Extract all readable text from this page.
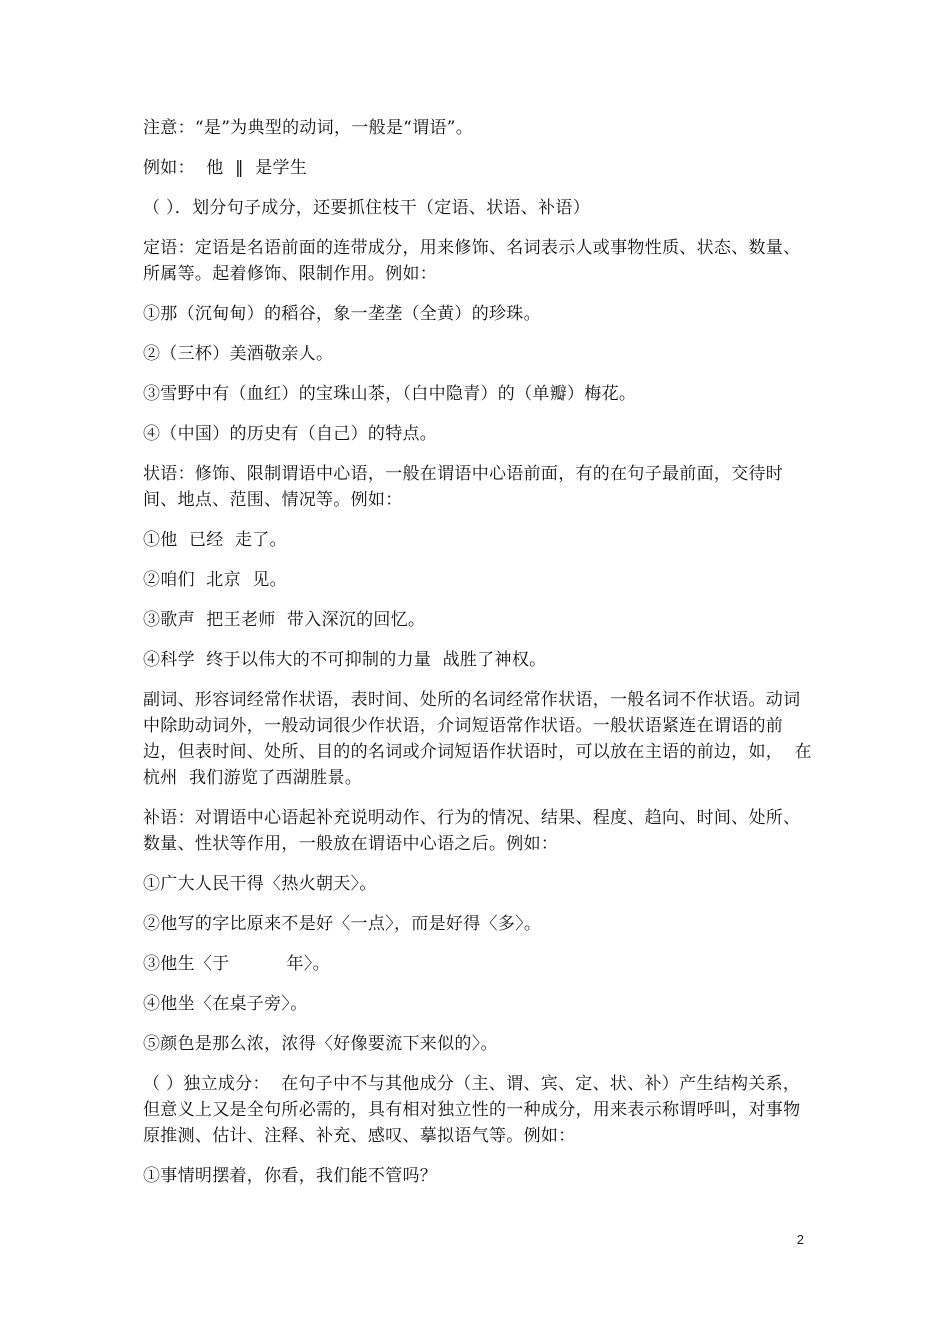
注意：“是”为典型的动词，一般是“谓语”。

例如：  他  ‖  是学生

（ ）．划分句子成分，还要抓住枝干（定语、状语、补语）

定语：定语是名语前面的连带成分，用来修饰、名词表示人或事物性质、状态、数量、所属等。起着修饰、限制作用。例如：

①那（沉甸甸）的稻谷，象一垄垄（全黄）的珍珠。

②（三杯）美酒敬亲人。

③雪野中有（血红）的宝珠山茶，（白中隐青）的（单瓣）梅花。

④（中国）的历史有（自己）的特点。

状语：修饰、限制谓语中心语，一般在谓语中心语前面，有的在句子最前面，交待时间、地点、范围、情况等。例如：

①他  已经  走了。

②咱们  北京  见。

③歌声  把王老师  带入深沉的回忆。

④科学  终于以伟大的不可抑制的力量  战胜了神权。

副词、形容词经常作状语，表时间、处所的名词经常作状语，一般名词不作状语。动词中除助动词外，一般动词很少作状语，介词短语常作状语。一般状语紧连在谓语的前边，但表时间、处所、目的的名词或介词短语作状语时，可以放在主语的前边，如，  在杭州  我们游览了西湖胜景。

补语：对谓语中心语起补充说明动作、行为的情况、结果、程度、趋向、时间、处所、数量、性状等作用，一般放在谓语中心语之后。例如：

①广大人民干得〈热火朝天〉。

②他写的字比原来不是好〈一点〉，而是好得〈多〉。

③他生〈于          年〉。

④他坐〈在桌子旁〉。

⑤颜色是那么浓，浓得〈好像要流下来似的〉。

（ ）独立成分：  在句子中不与其他成分（主、谓、宾、定、状、补）产生结构关系，但意义上又是全句所必需的，具有相对独立性的一种成分，用来表示称谓呼叫，对事物原推测、估计、注释、补充、感叹、摹拟语气等。例如：

①事情明摆着，你看，我们能不管吗？

2
